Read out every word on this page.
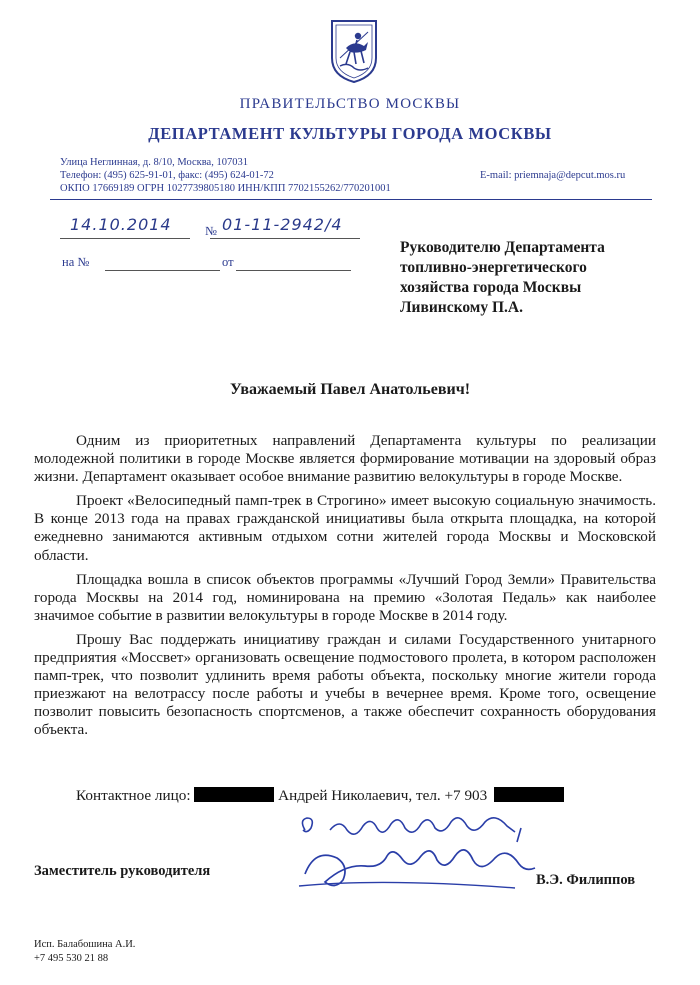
ПРАВИТЕЛЬСТВО МОСКВЫ
ДЕПАРТАМЕНТ КУЛЬТУРЫ ГОРОДА МОСКВЫ
Улица Неглинная, д. 8/10, Москва, 107031
Телефон: (495) 625-91-01, факс: (495) 624-01-72
ОКПО 17669189 ОГРН 1027739805180 ИНН/КПП 7702155262/770201001
E-mail: priemnaja@depcut.mos.ru
14.10.2014	№ 01-11-2942/4
на №	от
Руководителю Департамента
топливно-энергетического
хозяйства города Москвы
Ливинскому П.А.
Уважаемый Павел Анатольевич!

Одним из приоритетных направлений Департамента культуры по реализации молодежной политики в городе Москве является формирование мотивации на здоровый образ жизни. Департамент оказывает особое внимание развитию велокультуры в городе Москве.

Проект «Велосипедный памп-трек в Строгино» имеет высокую социальную значимость. В конце 2013 года на правах гражданской инициативы была открыта площадка, на которой ежедневно занимаются активным отдыхом сотни жителей города Москвы и Московской области.

Площадка вошла в список объектов программы «Лучший Город Земли» Правительства города Москвы на 2014 год, номинирована на премию «Золотая Педаль» как наиболее значимое событие в развитии велокультуры в городе Москве в 2014 году.

Прошу Вас поддержать инициативу граждан и силами Государственного унитарного предприятия «Моссвет» организовать освещение подмостового пролета, в котором расположен памп-трек, что позволит удлинить время работы объекта, поскольку многие жители города приезжают на велотрассу после работы и учебы в вечернее время. Кроме того, освещение позволит повысить безопасность спортсменов, а также обеспечит сохранность оборудования объекта.

Контактное лицо:	Андрей Николаевич, тел. +7 903
Заместитель руководителя
В.Э. Филиппов
Исп. Балабошина А.И.
+7 495 530 21 88
